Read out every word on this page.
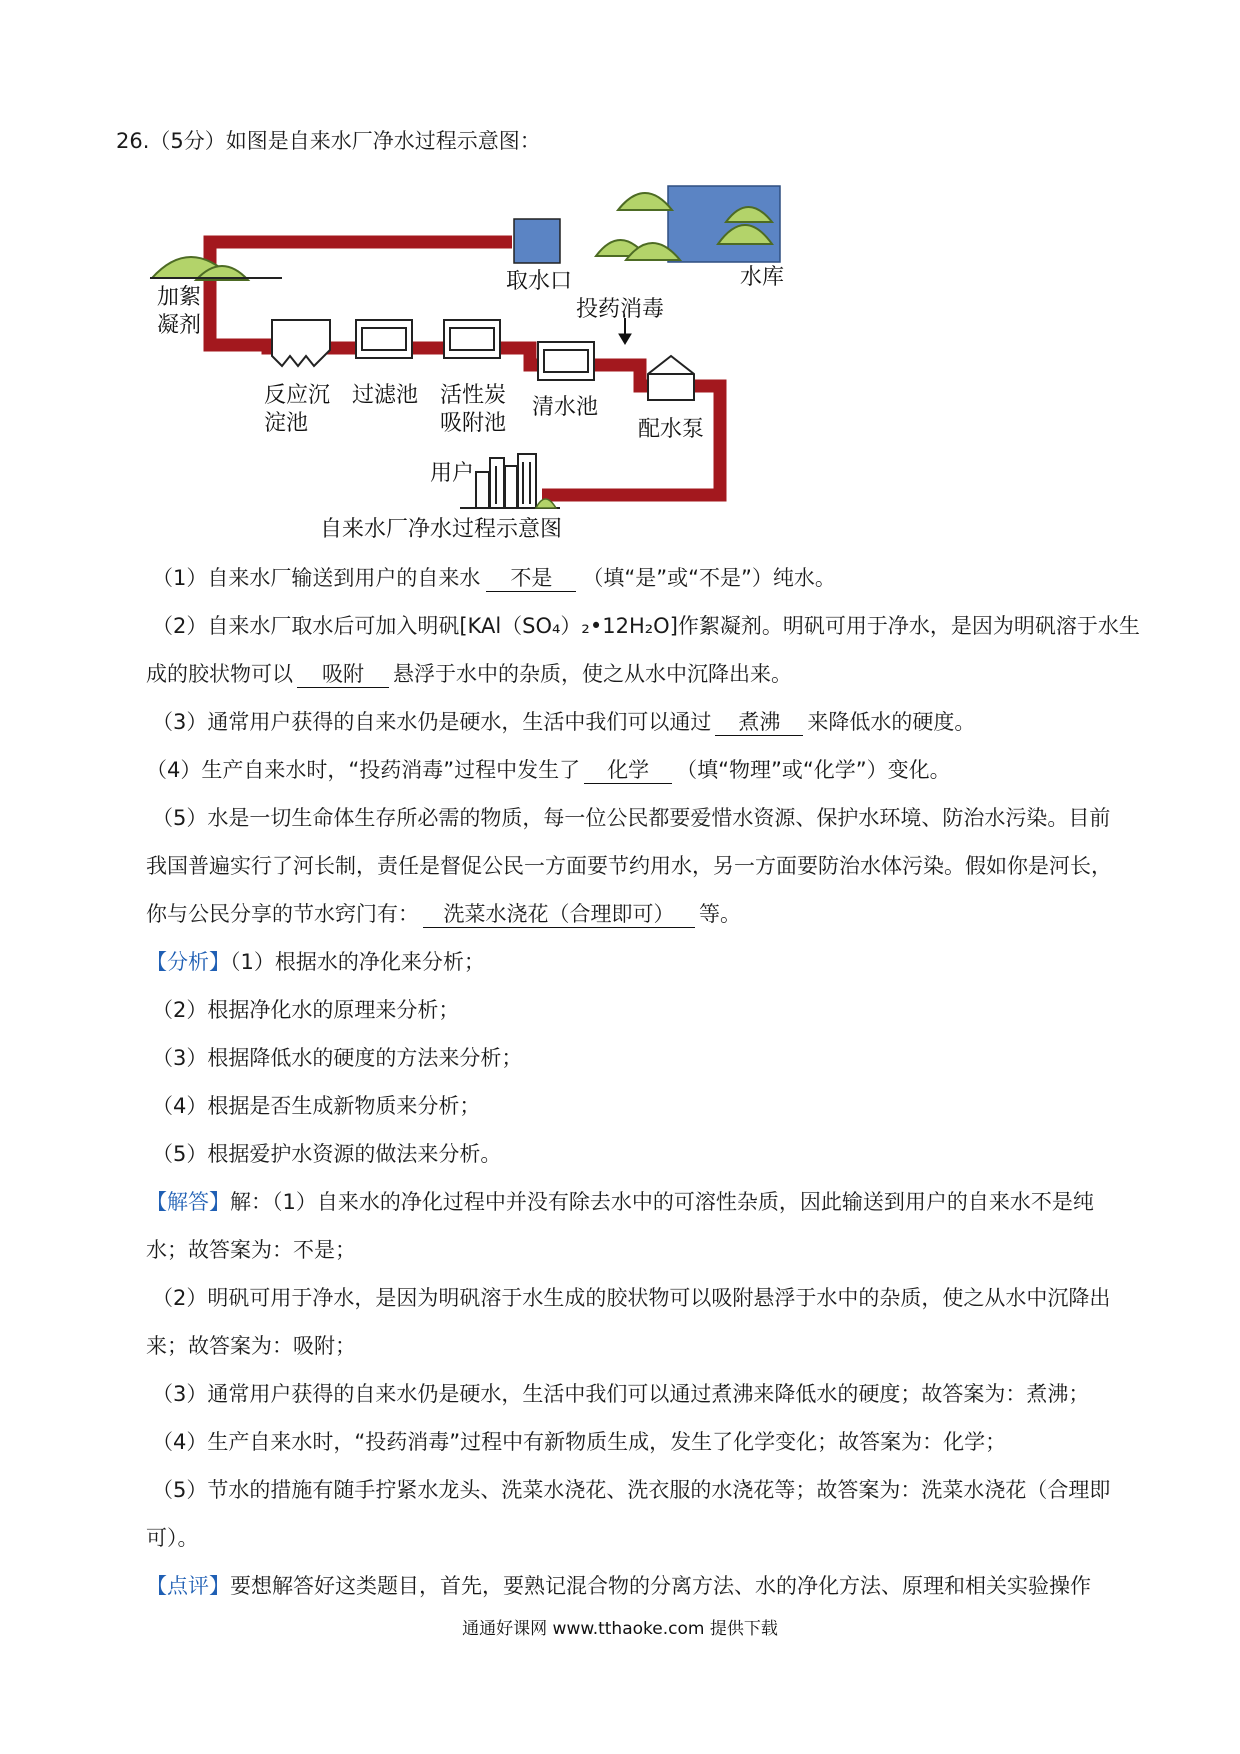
26.（5分）如图是自来水厂净水过程示意图：
取水口	水库
加絮
凝剂
投药消毒
反应沉
淀池
过滤池 活性炭
吸附池
清水池
配水泵
用户
自来水厂净水过程示意图
（1）自来水厂输送到用户的自来水 不是 （填“是”或“不是”）纯水。
（2）自来水厂取水后可加入明矾[KAl（SO₄）₂•12H₂O]作絮凝剂。明矾可用于净水，是因为明矾溶于水生
成的胶状物可以 吸附 悬浮于水中的杂质，使之从水中沉降出来。
（3）通常用户获得的自来水仍是硬水，生活中我们可以通过 煮沸 来降低水的硬度。
（4）生产自来水时，“投药消毒”过程中发生了 化学 （填“物理”或“化学”）变化。
（5）水是一切生命体生存所必需的物质，每一位公民都要爱惜水资源、保护水环境、防治水污染。目前
我国普遍实行了河长制，责任是督促公民一方面要节约用水，另一方面要防治水体污染。假如你是河长，
你与公民分享的节水窍门有： 洗菜水浇花（合理即可） 等。
【分析】（1）根据水的净化来分析；
（2）根据净化水的原理来分析；
（3）根据降低水的硬度的方法来分析；
（4）根据是否生成新物质来分析；
（5）根据爱护水资源的做法来分析。
【解答】解：（1）自来水的净化过程中并没有除去水中的可溶性杂质，因此输送到用户的自来水不是纯
水；故答案为：不是；
（2）明矾可用于净水，是因为明矾溶于水生成的胶状物可以吸附悬浮于水中的杂质，使之从水中沉降出
来；故答案为：吸附；
（3）通常用户获得的自来水仍是硬水，生活中我们可以通过煮沸来降低水的硬度；故答案为：煮沸；
（4）生产自来水时，“投药消毒”过程中有新物质生成，发生了化学变化；故答案为：化学；
（5）节水的措施有随手拧紧水龙头、洗菜水浇花、洗衣服的水浇花等；故答案为：洗菜水浇花（合理即
可）。
【点评】要想解答好这类题目，首先，要熟记混合物的分离方法、水的净化方法、原理和相关实验操作
通通好课网 www.tthaoke.com 提供下载
